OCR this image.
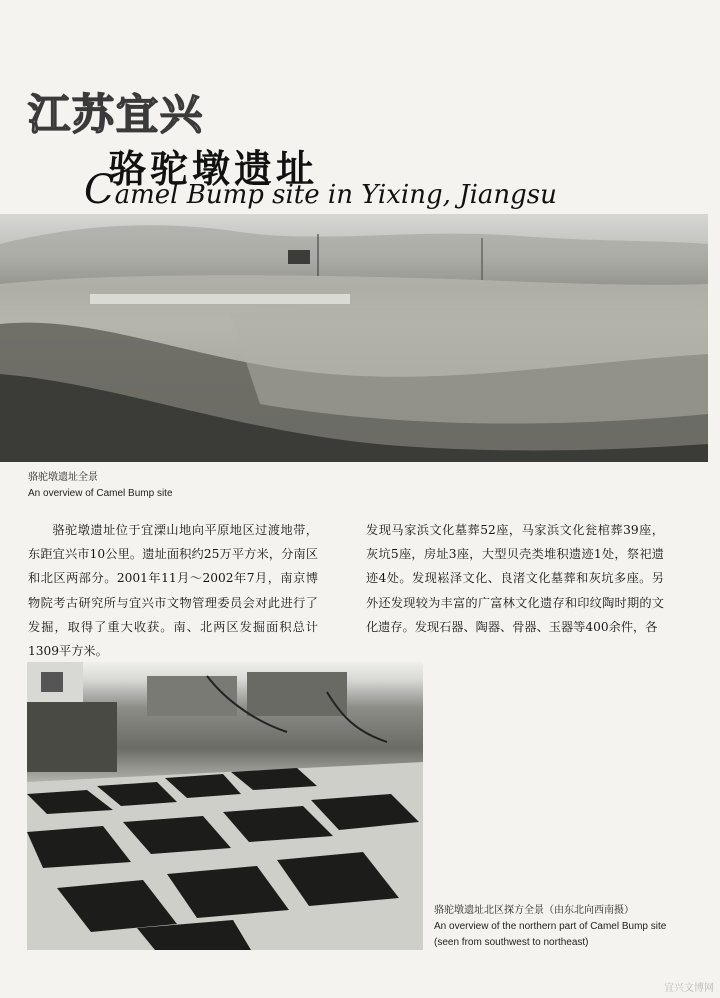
江苏宜兴
骆驼墩遗址
Camel Bump site in Yixing, Jiangsu
骆驼墩遗址全景
An overview of Camel Bump site
骆驼墩遗址位于宜溧山地向平原地区过渡地带，东距宜兴市10公里。遗址面积约25万平方米，分南区和北区两部分。2001年11月～2002年7月，南京博物院考古研究所与宜兴市文物管理委员会对此进行了发掘，取得了重大收获。南、北两区发掘面积总计1309平方米。
发现马家浜文化墓葬52座，马家浜文化瓮棺葬39座，灰坑5座，房址3座，大型贝壳类堆积遗迹1处，祭祀遗迹4处。发现崧泽文化、良渚文化墓葬和灰坑多座。另外还发现较为丰富的广富林文化遗存和印纹陶时期的文化遗存。发现石器、陶器、骨器、玉器等400余件，各
骆驼墩遗址北区探方全景（由东北向西南摄）
An overview of the northern part of Camel Bump site (seen from southwest to northeast)
宜兴文博网
